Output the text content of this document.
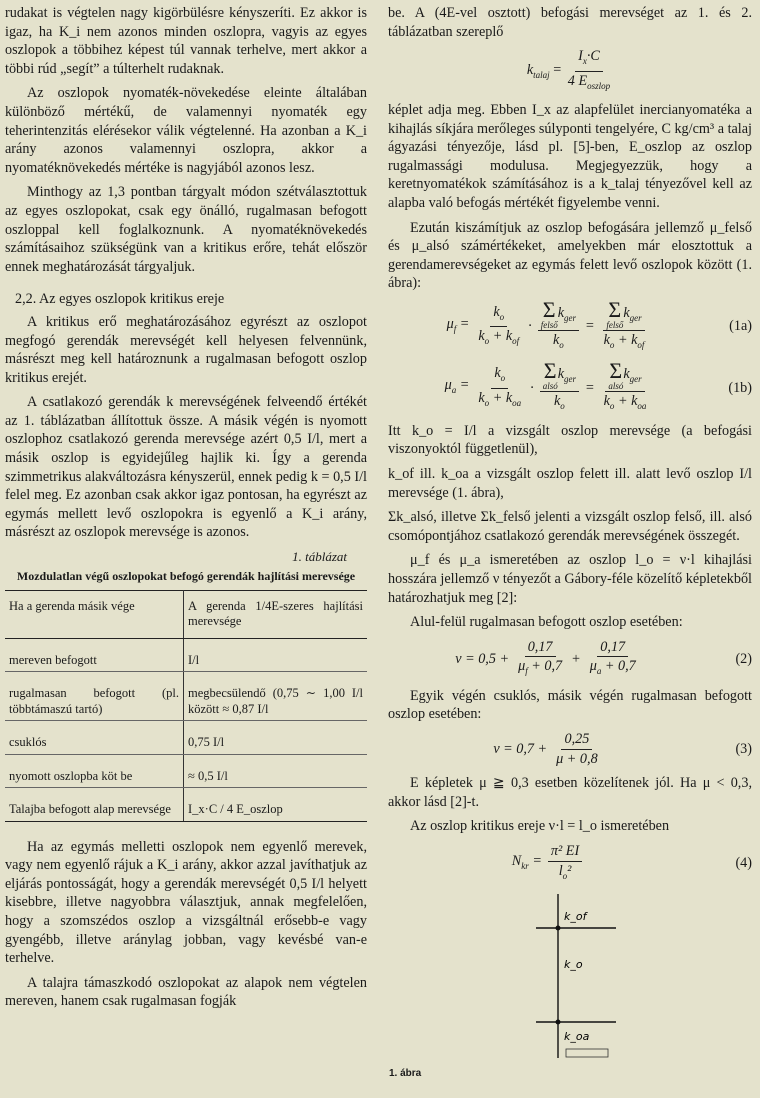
rudakat is végtelen nagy kigörbülésre kényszeríti. Ez akkor is igaz, ha K_i nem azonos minden oszlopra, vagyis az egyes oszlopok a többihez képest túl vannak terhelve, mert akkor a többi rúd „segít” a túlterhelt rudaknak.

Az oszlopok nyomaték-növekedése eleinte általában különböző mértékű, de valamennyi nyomaték egy teherintenzitás elérésekor válik végtelenné. Ha azonban a K_i arány azonos valamennyi oszlopra, akkor a nyomatéknövekedés mértéke is nagyjából azonos lesz.

Minthogy az 1,3 pontban tárgyalt módon szétválasztottuk az egyes oszlopokat, csak egy önálló, rugalmasan befogott oszloppal kell foglalkoznunk. A nyomatéknövekedés számításaihoz szükségünk van a kritikus erőre, tehát először ennek meghatározását tárgyaljuk.

2,2. Az egyes oszlopok kritikus ereje

A kritikus erő meghatározásához egyrészt az oszlopot megfogó gerendák merevségét kell helyesen felvennünk, másrészt meg kell határoznunk a rugalmasan befogott oszlop kritikus erejét.

A csatlakozó gerendák k merevségének felveendő értékét az 1. táblázatban állítottuk össze. A másik végén is nyomott oszlophoz csatlakozó gerenda merevsége azért 0,5 I/l, mert a másik oszlop is egyidejűleg hajlik ki. Így a gerenda szimmetrikus alakváltozásra kényszerül, ennek pedig k = 0,5 I/l felel meg. Ez azonban csak akkor igaz pontosan, ha egyrészt az egymás mellett levő oszlopokra is egyenlő a K_i arány, másrészt az oszlopok merevsége is azonos.

1. táblázat
Mozdulatlan végű oszlopokat befogó gerendák hajlítási merevsége
Ha a gerenda másik vége	A gerenda 1/4E-szeres hajlítási merevsége
mereven befogott	I/l
rugalmasan befogott (pl. többtámaszú tartó)	megbecsülendő (0,75 ∼ 1,00 I/l között ≈ 0,87 I/l
csuklós	0,75 I/l
nyomott oszlopba köt be	≈ 0,5 I/l
Talajba befogott alap merevsége	I_x·C / 4 E_oszlop

Ha az egymás melletti oszlopok nem egyenlő merevek, vagy nem egyenlő rájuk a K_i arány, akkor azzal javíthatjuk az eljárás pontosságát, hogy a gerendák merevségét 0,5 I/l helyett kisebbre, illetve nagyobbra választjuk, annak megfelelően, hogy a szomszédos oszlop a vizsgáltnál erősebb-e vagy gyengébb, illetve aránylag jobban, vagy kevésbé van-e terhelve.

A talajra támaszkodó oszlopokat az alapok nem végtelen mereven, hanem csak rugalmasan fogják

be. A (4E-vel osztott) befogási merevséget az 1. és 2. táblázatban szereplő

$k_{talaj} = \frac{I_x\cdot C}{4 E_{oszlop}}$

képlet adja meg. Ebben I_x az alapfelület inercianyomatéka a kihajlás síkjára merőleges súlyponti tengelyére, C kg/cm³ a talaj ágyazási tényezője, lásd pl. [5]-ben, E_oszlop az oszlop rugalmassági modulusa. Megjegyezzük, hogy a keretnyomatékok számításához is a k_talaj tényezővel kell az alapba való befogás mértékét figyelembe venni.

Ezután kiszámítjuk az oszlop befogására jellemző μ_felső és μ_alsó számértékeket, amelyekben már elosztottuk a gerendamerevségeket az egymás felett levő oszlopok között (1. ábra):

$\mu_f = \frac{k_o}{k_o + k_{of}} \cdot \Sigma$
felső
$k_{ger}$
$k_o = \Sigma$
felső
$k_{ger}$
$k_o + k_{of}$	(1a)
$\mu_a = \frac{k_o}{k_o + k_{oa}} \cdot \Sigma$
alsó
$k_{ger}$
$k_o = \Sigma$
alsó
$k_{ger}$
$k_o + k_{oa}$	(1b)

Itt k_o = I/l a vizsgált oszlop merevsége (a befogási viszonyoktól függetlenül),

k_of ill. k_oa a vizsgált oszlop felett ill. alatt levő oszlop I/l merevsége (1. ábra),

Σk_alsó, illetve Σk_felső jelenti a vizsgált oszlop felső, ill. alsó csomópontjához csatlakozó gerendák merevségének összegét.

μ_f és μ_a ismeretében az oszlop l_o = ν·l kihajlási hosszára jellemző ν tényezőt a Gábory-féle közelítő képletekből határozhatjuk meg [2]:

Alul-felül rugalmasan befogott oszlop esetében:

$\nu = 0,5 + \frac{0,17}{\mu_f + 0,7} + \frac{0,17}{\mu_a + 0,7}$	(2)

Egyik végén csuklós, másik végén rugalmasan befogott oszlop esetében:

$\nu = 0,7 + \frac{0,25}{\mu + 0,8}$	(3)

E képletek μ ≧ 0,3 esetben közelítenek jól. Ha μ < 0,3, akkor lásd [2]-t.

Az oszlop kritikus ereje ν·l = l_o ismeretében

$N_{kr} = \frac{\text{π² EI}}{l_o^2}$	(4)
k_of
k_o
k_oa
1. ábra
